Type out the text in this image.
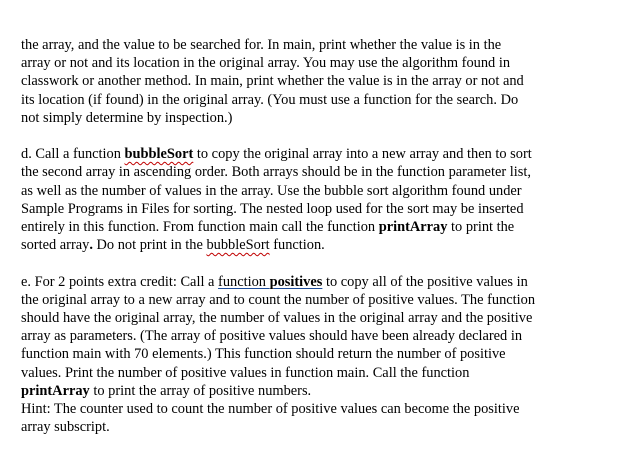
the array, and the value to be searched for. In main, print whether the value is in the
array or not and its location in the original array. You may use the algorithm found in
classwork or another method. In main, print whether the value is in the array or not and
its location (if found) in the original array. (You must use a function for the search. Do
not simply determine by inspection.)

d. Call a function bubbleSort to copy the original array into a new array and then to sort
the second array in ascending order. Both arrays should be in the function parameter list,
as well as the number of values in the array. Use the bubble sort algorithm found under
Sample Programs in Files for sorting. The nested loop used for the sort may be inserted
entirely in this function. From function main call the function printArray to print the
sorted array. Do not print in the bubbleSort function.

e. For 2 points extra credit: Call a function positives to copy all of the positive values in
the original array to a new array and to count the number of positive values. The function
should have the original array, the number of values in the original array and the positive
array as parameters. (The array of positive values should have been already declared in
function main with 70 elements.) This function should return the number of positive
values. Print the number of positive values in function main. Call the function
printArray to print the array of positive numbers.
Hint: The counter used to count the number of positive values can become the positive
array subscript.
